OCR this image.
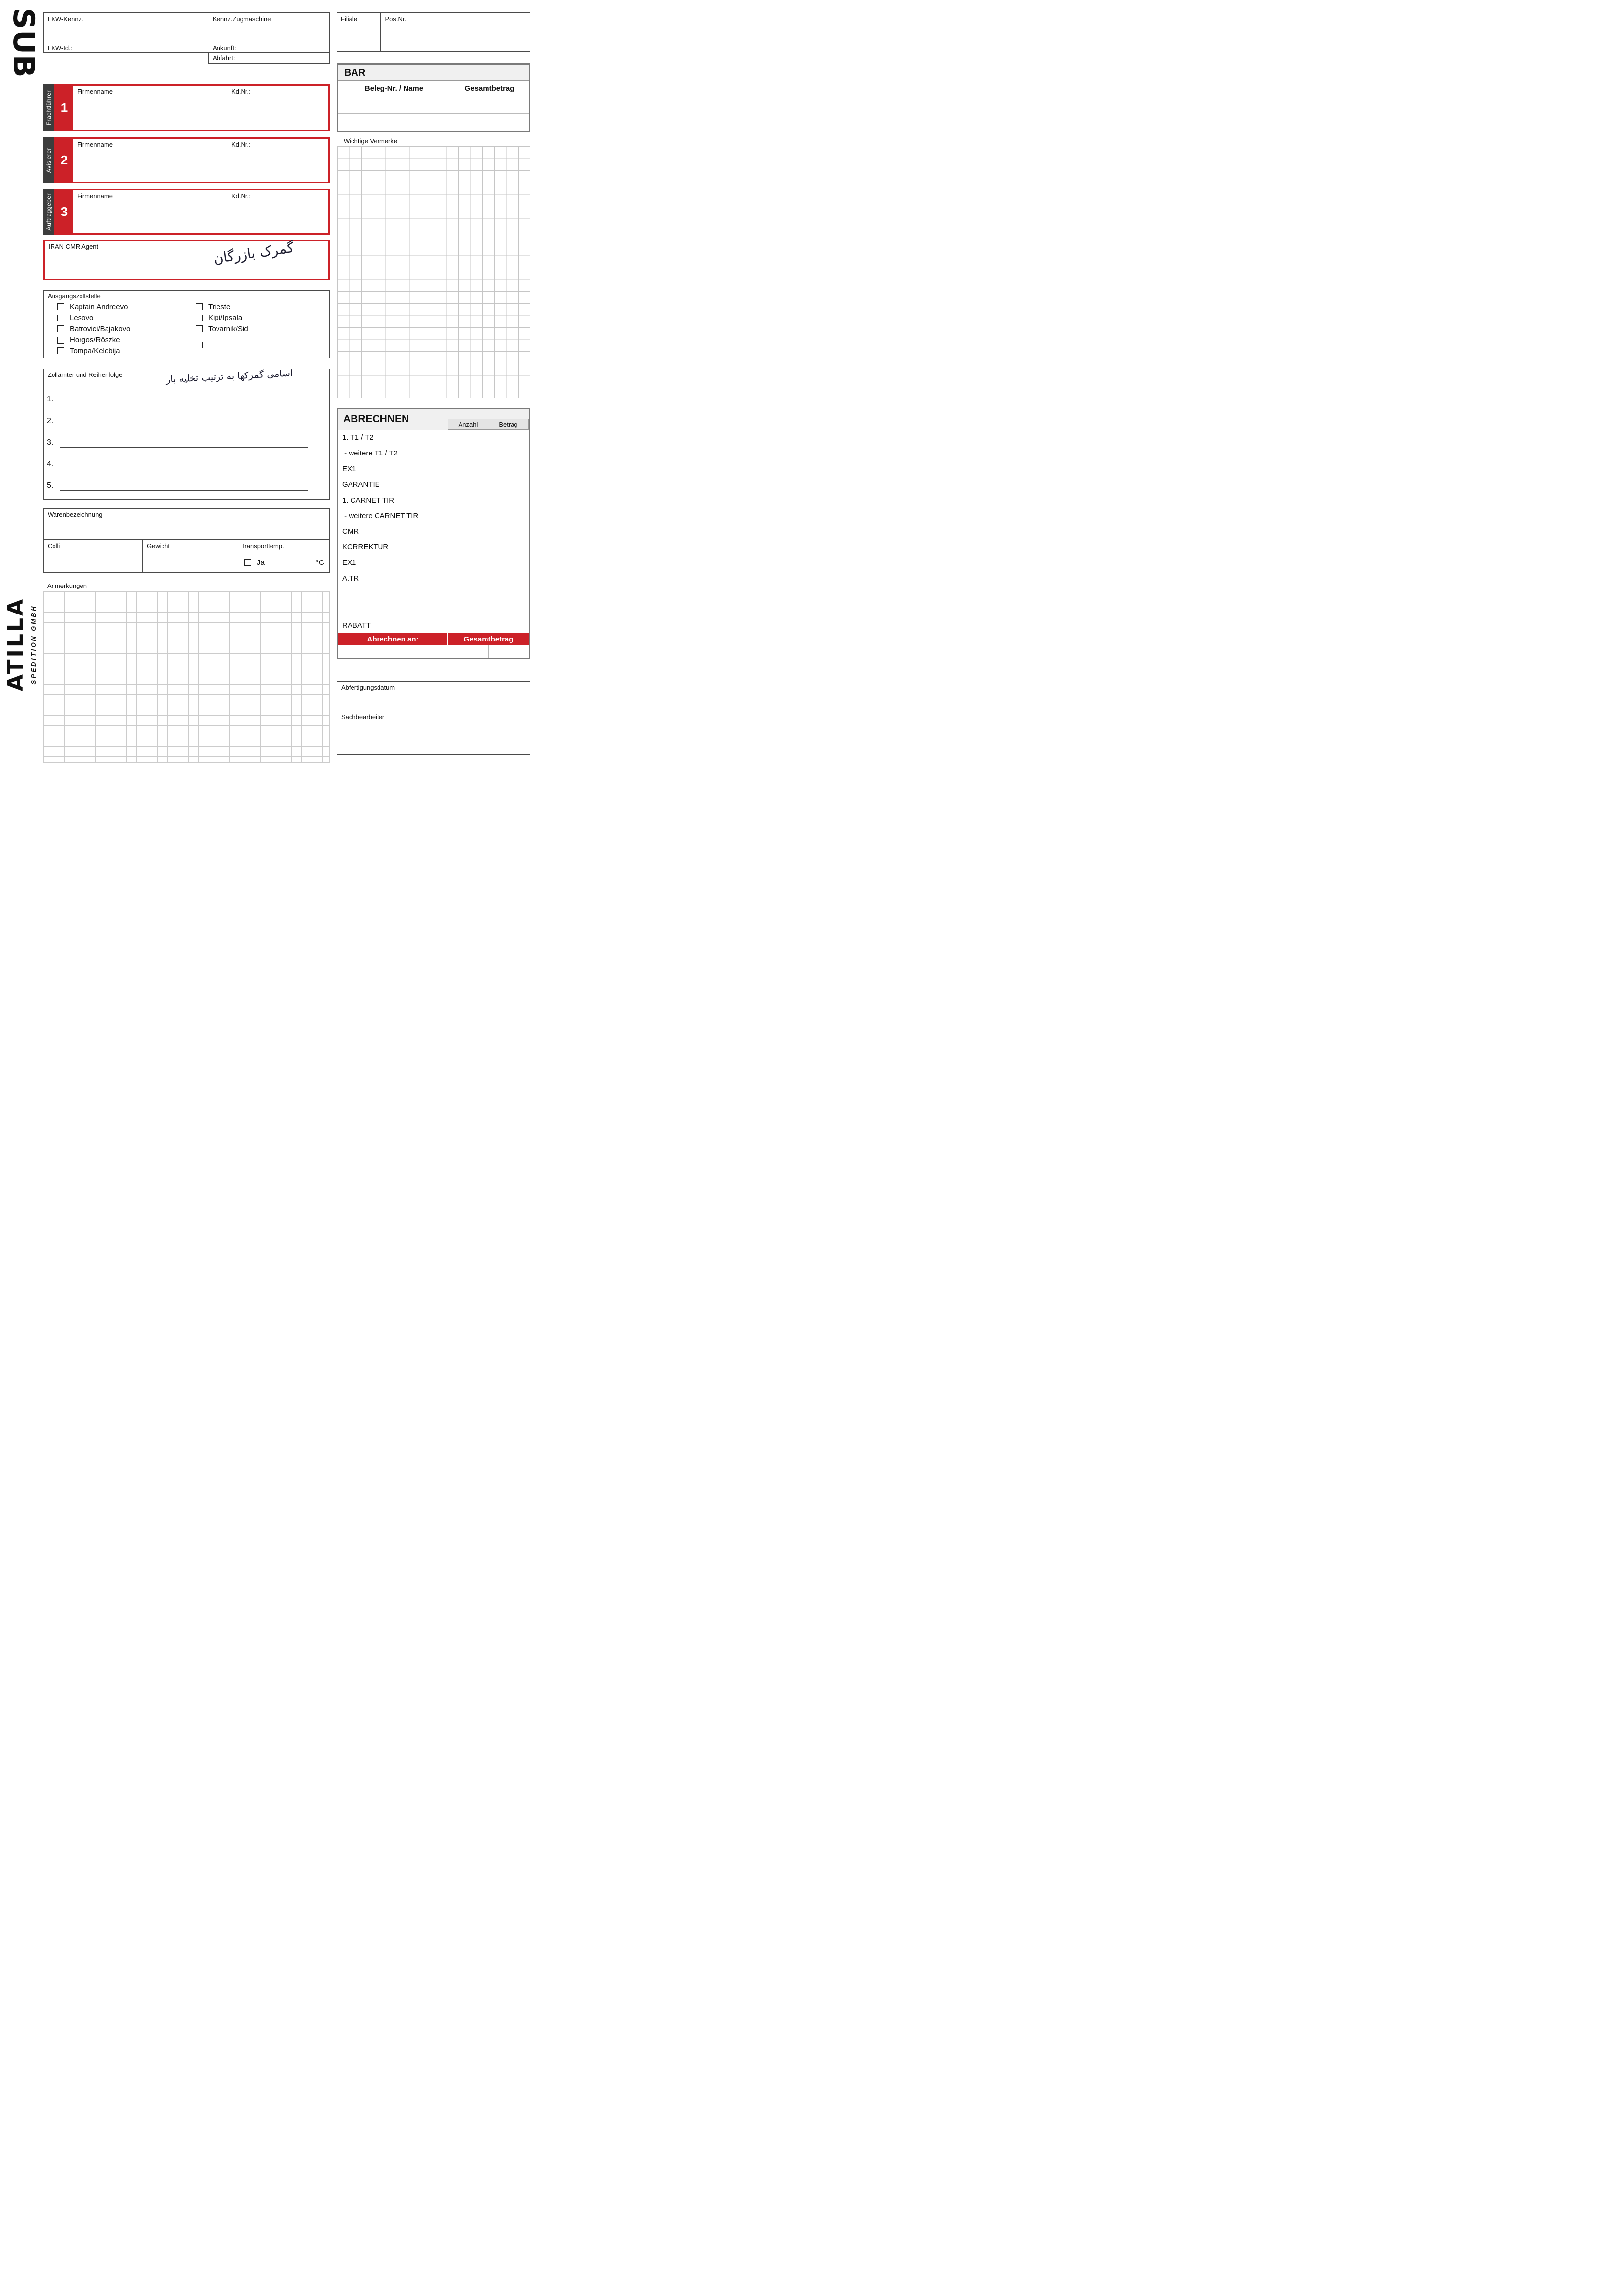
SUB
ATILLA SPEDITION GMBH
LKW-Kennz.
LKW-Id.:
Kennz.Zugmaschine
Ankunft:
Abfahrt:
Filiale	Pos.Nr.
BAR
Beleg-Nr. / Name	Gesamtbetrag
Frachtführer 1
Firmenname	Kd.Nr.:
Avisierer 2
Firmenname	Kd.Nr.:
Auftraggeber 3
Firmenname	Kd.Nr.:
IRAN CMR Agent	گمرک بازرگان
Ausgangszollstelle
Kaptain Andreevo
Lesovo
Batrovici/Bajakovo
Horgos/Röszke
Tompa/Kelebija
Trieste
Kipi/Ipsala
Tovarnik/Sid
Zollämter und Reihenfolge	اسامی گمرکها به ترتیب تخلیه بار
1.
2.
3.
4.
5.
Warenbezeichnung
Colli	Gewicht	Transporttemp.
Ja	°C
Anmerkungen
Wichtige Vermerke
ABRECHNEN	Anzahl	Betrag
1. T1 / T2
- weitere T1 / T2
EX1
GARANTIE
1. CARNET TIR
- weitere CARNET TIR
CMR
KORREKTUR
EX1
A.TR
RABATT
Abrechnen an:	Gesamtbetrag
Abfertigungsdatum
Sachbearbeiter
